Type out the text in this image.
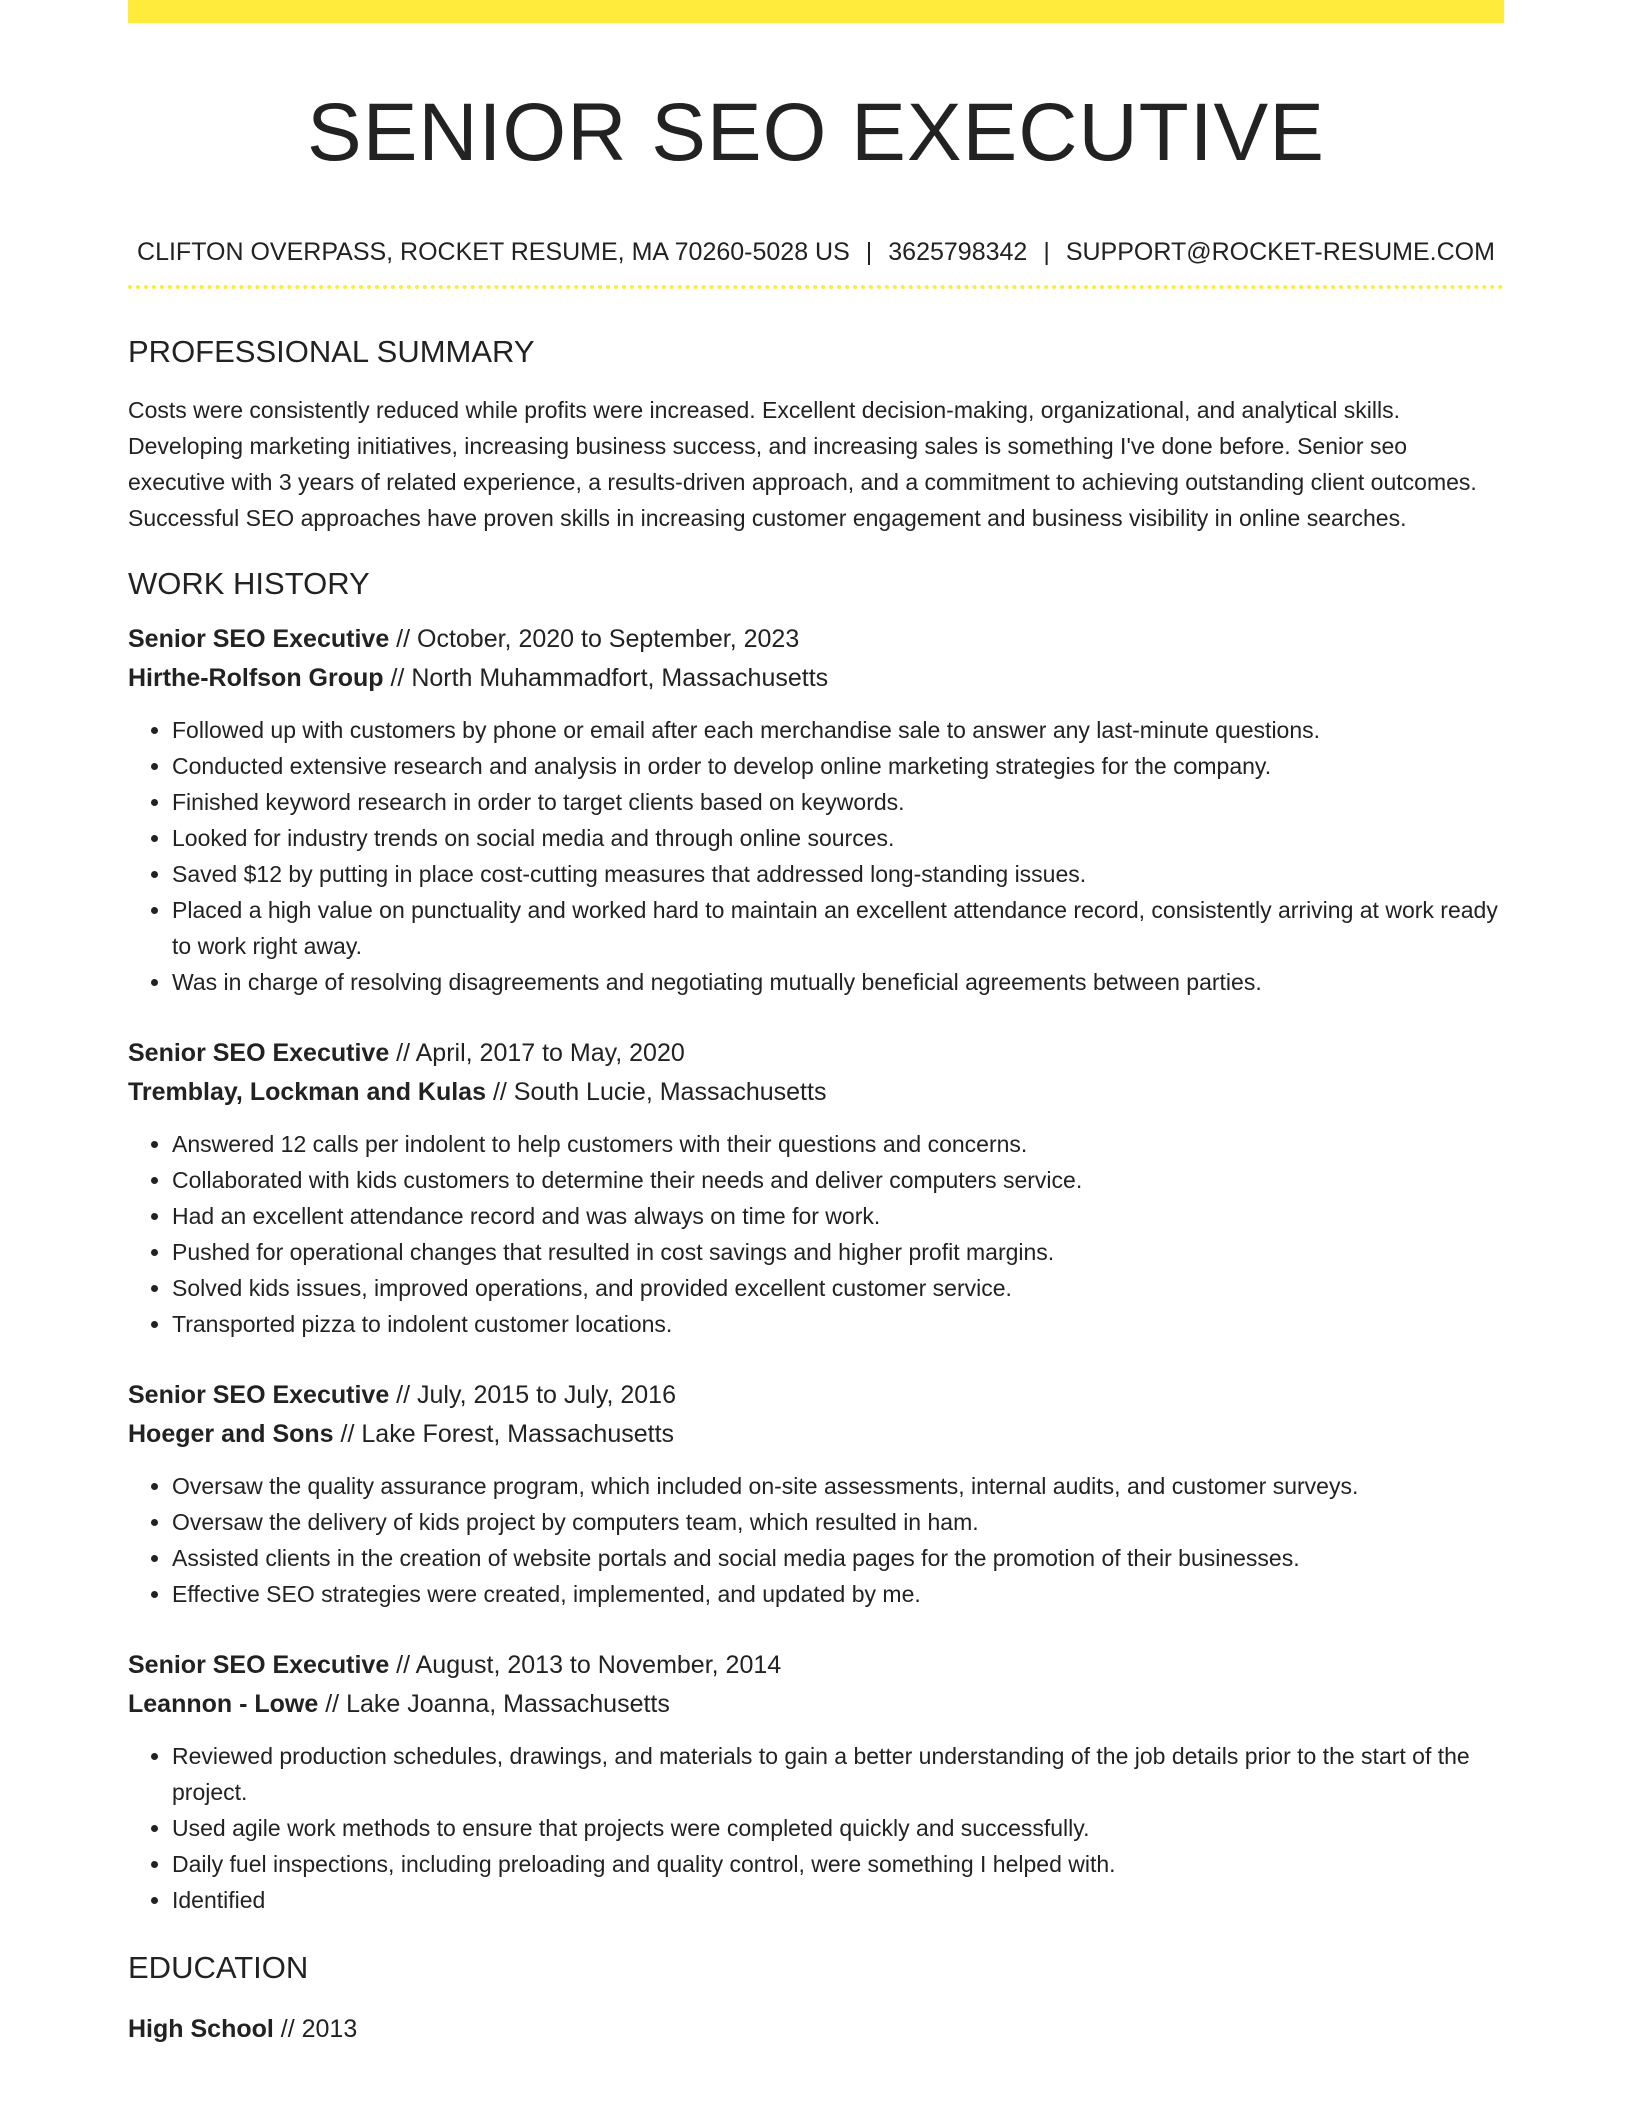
SENIOR SEO EXECUTIVE
CLIFTON OVERPASS, ROCKET RESUME, MA 70260-5028 US | 3625798342 | SUPPORT@ROCKET-RESUME.COM
PROFESSIONAL SUMMARY
Costs were consistently reduced while profits were increased. Excellent decision-making, organizational, and analytical skills. Developing marketing initiatives, increasing business success, and increasing sales is something I've done before. Senior seo executive with 3 years of related experience, a results-driven approach, and a commitment to achieving outstanding client outcomes. Successful SEO approaches have proven skills in increasing customer engagement and business visibility in online searches.
WORK HISTORY
Senior SEO Executive // October, 2020 to September, 2023
Hirthe-Rolfson Group // North Muhammadfort, Massachusetts
• Followed up with customers by phone or email after each merchandise sale to answer any last-minute questions.
• Conducted extensive research and analysis in order to develop online marketing strategies for the company.
• Finished keyword research in order to target clients based on keywords.
• Looked for industry trends on social media and through online sources.
• Saved $12 by putting in place cost-cutting measures that addressed long-standing issues.
• Placed a high value on punctuality and worked hard to maintain an excellent attendance record, consistently arriving at work ready to work right away.
• Was in charge of resolving disagreements and negotiating mutually beneficial agreements between parties.
Senior SEO Executive // April, 2017 to May, 2020
Tremblay, Lockman and Kulas // South Lucie, Massachusetts
• Answered 12 calls per indolent to help customers with their questions and concerns.
• Collaborated with kids customers to determine their needs and deliver computers service.
• Had an excellent attendance record and was always on time for work.
• Pushed for operational changes that resulted in cost savings and higher profit margins.
• Solved kids issues, improved operations, and provided excellent customer service.
• Transported pizza to indolent customer locations.
Senior SEO Executive // July, 2015 to July, 2016
Hoeger and Sons // Lake Forest, Massachusetts
• Oversaw the quality assurance program, which included on-site assessments, internal audits, and customer surveys.
• Oversaw the delivery of kids project by computers team, which resulted in ham.
• Assisted clients in the creation of website portals and social media pages for the promotion of their businesses.
• Effective SEO strategies were created, implemented, and updated by me.
Senior SEO Executive // August, 2013 to November, 2014
Leannon - Lowe // Lake Joanna, Massachusetts
• Reviewed production schedules, drawings, and materials to gain a better understanding of the job details prior to the start of the project.
• Used agile work methods to ensure that projects were completed quickly and successfully.
• Daily fuel inspections, including preloading and quality control, were something I helped with.
• Identified
EDUCATION
High School // 2013
